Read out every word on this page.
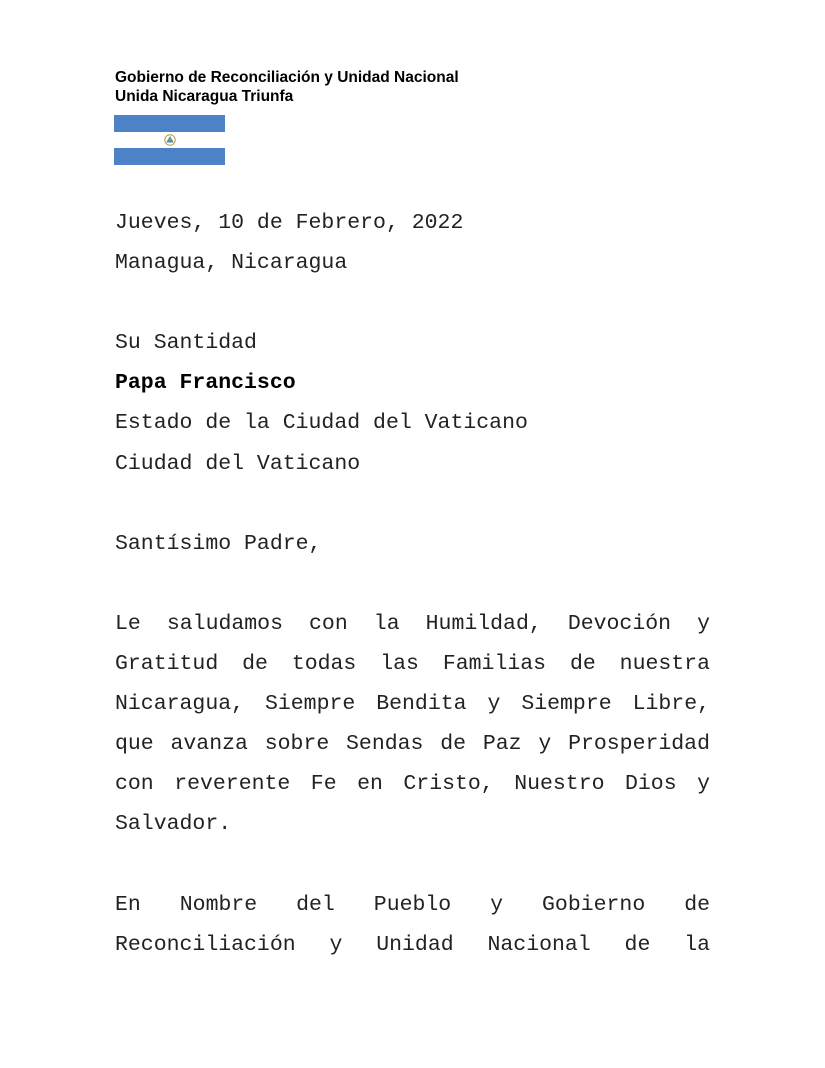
Gobierno de Reconciliación y Unidad Nacional
Unida Nicaragua Triunfa
Jueves, 10 de Febrero, 2022
Managua, Nicaragua
Su Santidad
Papa Francisco
Estado de la Ciudad del Vaticano
Ciudad del Vaticano
Santísimo Padre,

Le saludamos con la Humildad, Devoción y Gratitud de todas las Familias de nuestra Nicaragua, Siempre Bendita y Siempre Libre, que avanza sobre Sendas de Paz y Prosperidad con reverente Fe en Cristo, Nuestro Dios y Salvador.

En Nombre del Pueblo y Gobierno de Reconciliación y Unidad Nacional de la
